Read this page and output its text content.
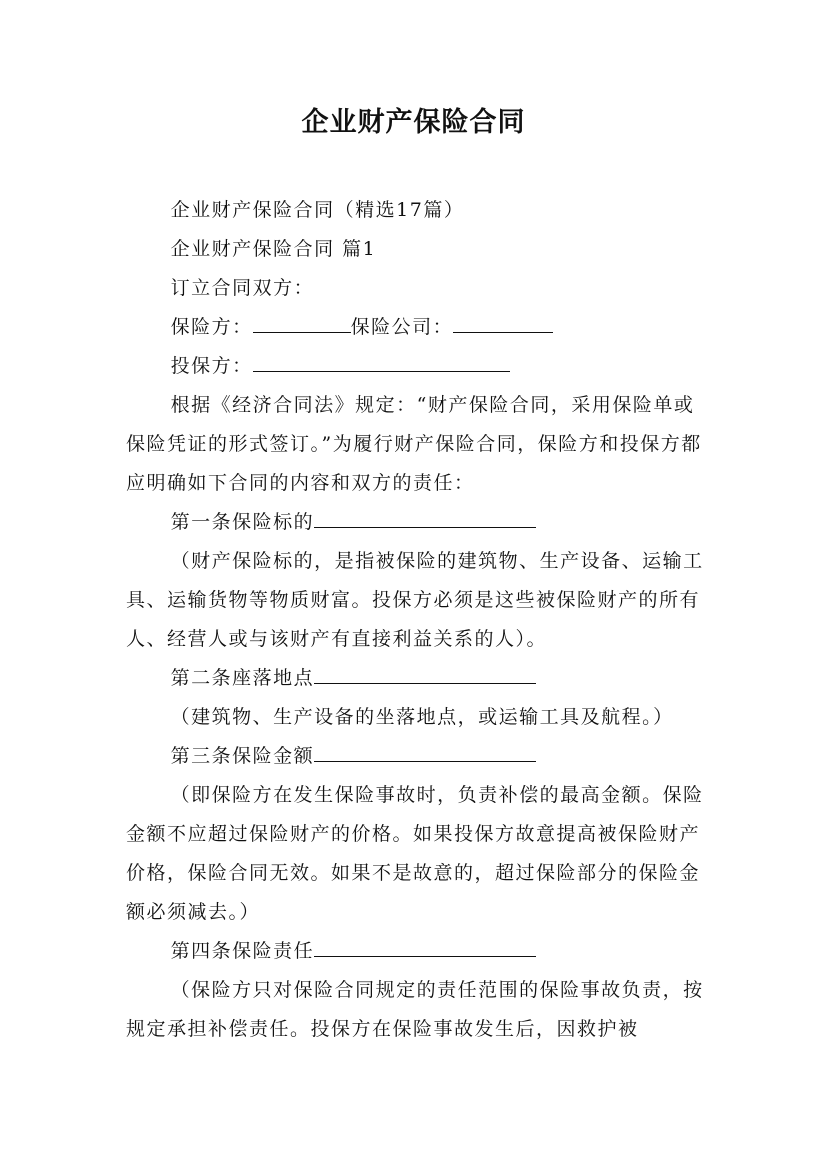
企业财产保险合同

企业财产保险合同（精选17篇）

企业财产保险合同 篇1

订立合同双方：

保险方：	保险公司：

投保方：

根据《经济合同法》规定：“财产保险合同，采用保险单或保险凭证的形式签订。”为履行财产保险合同，保险方和投保方都应明确如下合同的内容和双方的责任：

第一条保险标的

（财产保险标的，是指被保险的建筑物、生产设备、运输工具、运输货物等物质财富。投保方必须是这些被保险财产的所有人、经营人或与该财产有直接利益关系的人）。

第二条座落地点

（建筑物、生产设备的坐落地点，或运输工具及航程。）

第三条保险金额

（即保险方在发生保险事故时，负责补偿的最高金额。保险金额不应超过保险财产的价格。如果投保方故意提高被保险财产价格，保险合同无效。如果不是故意的，超过保险部分的保险金额必须减去。）

第四条保险责任

（保险方只对保险合同规定的责任范围的保险事故负责，按规定承担补偿责任。投保方在保险事故发生后，因救护被
